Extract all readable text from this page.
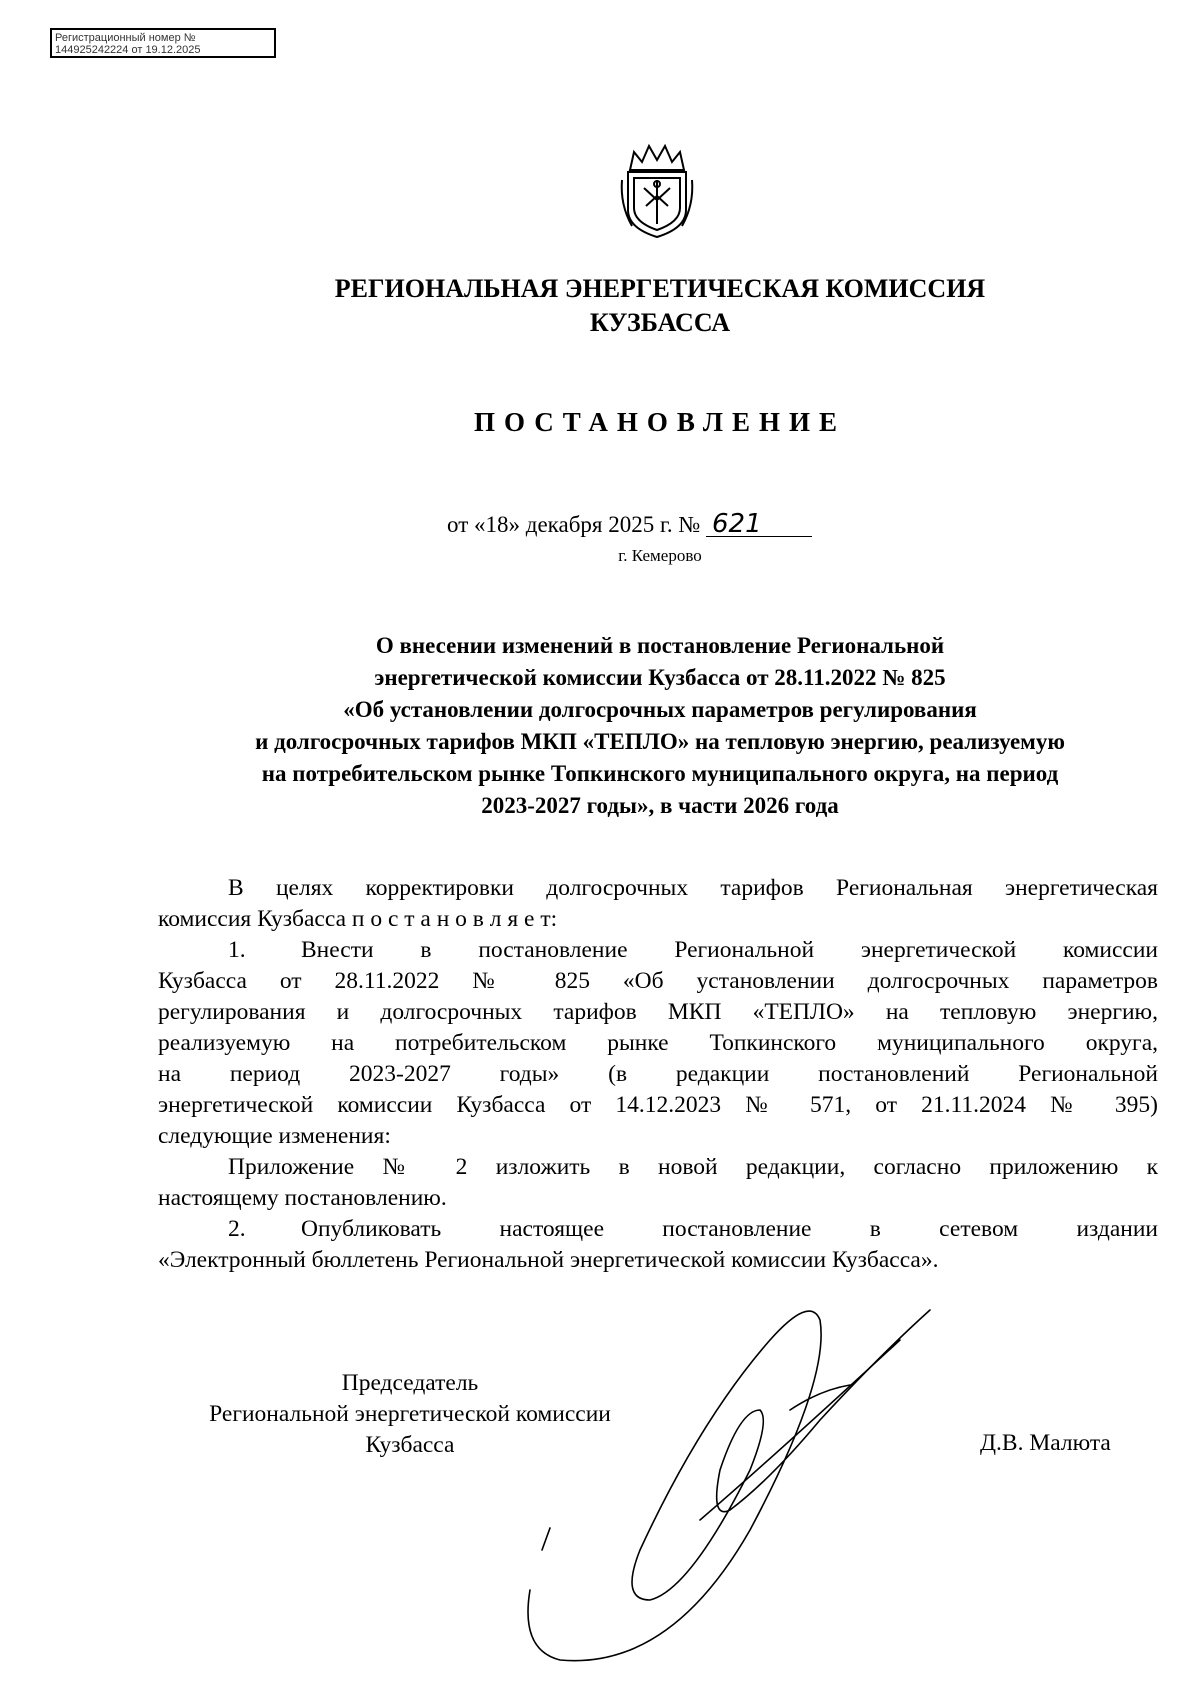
Регистрационный номер №
144925242224 от 19.12.2025
РЕГИОНАЛЬНАЯ ЭНЕРГЕТИЧЕСКАЯ КОМИССИЯ
КУЗБАССА
ПОСТАНОВЛЕНИЕ
от «18» декабря 2025 г. № 621
г. Кемерово
О внесении изменений в постановление Региональной
энергетической комиссии Кузбасса от 28.11.2022 № 825
«Об установлении долгосрочных параметров регулирования
и долгосрочных тарифов МКП «ТЕПЛО» на тепловую энергию, реализуемую
на потребительском рынке Топкинского муниципального округа, на период
2023-2027 годы», в части 2026 года
В целях корректировки долгосрочных тарифов Региональная энергетическая
комиссия Кузбасса п о с т а н о в л я е т:
1. Внести в постановление Региональной энергетической комиссии
Кузбасса от 28.11.2022 № 825 «Об установлении долгосрочных параметров
регулирования и долгосрочных тарифов МКП «ТЕПЛО» на тепловую энергию,
реализуемую на потребительском рынке Топкинского муниципального округа,
на период 2023-2027 годы» (в редакции постановлений Региональной
энергетической комиссии Кузбасса от 14.12.2023 № 571, от 21.11.2024 № 395)
следующие изменения:
Приложение № 2 изложить в новой редакции, согласно приложению к
настоящему постановлению.
2. Опубликовать настоящее постановление в сетевом издании
«Электронный бюллетень Региональной энергетической комиссии Кузбасса».
Председатель
Региональной энергетической комиссии
Кузбасса	Д.В. Малюта
